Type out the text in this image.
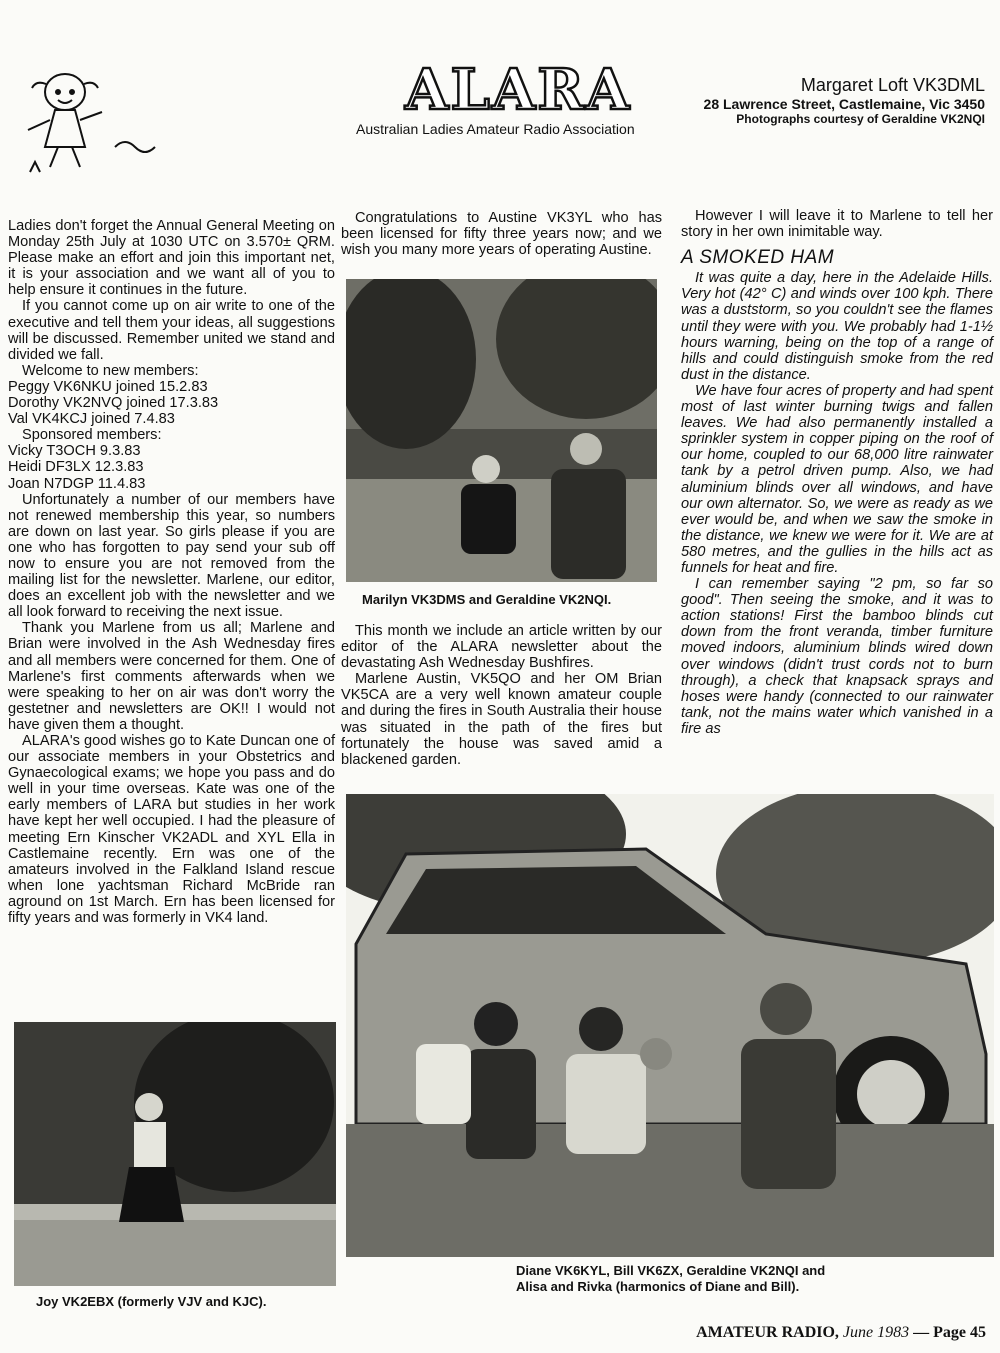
ALARA
Australian Ladies Amateur Radio Association
Margaret Loft VK3DML
28 Lawrence Street, Castlemaine, Vic 3450
Photographs courtesy of Geraldine VK2NQI

Ladies don't forget the Annual General Meeting on Monday 25th July at 1030 UTC on 3.570± QRM. Please make an effort and join this important net, it is your association and we want all of you to help ensure it continues in the future.

If you cannot come up on air write to one of the executive and tell them your ideas, all suggestions will be discussed. Remember united we stand and divided we fall.

Welcome to new members:

Peggy VK6NKU joined 15.2.83

Dorothy VK2NVQ joined 17.3.83

Val VK4KCJ joined 7.4.83

Sponsored members:

Vicky T3OCH 9.3.83

Heidi DF3LX 12.3.83

Joan N7DGP 11.4.83

Unfortunately a number of our members have not renewed membership this year, so numbers are down on last year. So girls please if you are one who has forgotten to pay send your sub off now to ensure you are not removed from the mailing list for the newsletter. Marlene, our editor, does an excellent job with the newsletter and we all look forward to receiving the next issue.

Thank you Marlene from us all; Marlene and Brian were involved in the Ash Wednesday fires and all members were concerned for them. One of Marlene's first comments afterwards when we were speaking to her on air was don't worry the gestetner and newsletters are OK!! I would not have given them a thought.

ALARA's good wishes go to Kate Duncan one of our associate members in your Obstetrics and Gynaecological exams; we hope you pass and do well in your time overseas. Kate was one of the early members of LARA but studies in her work have kept her well occupied. I had the pleasure of meeting Ern Kinscher VK2ADL and XYL Ella in Castlemaine recently. Ern was one of the amateurs involved in the Falkland Island rescue when lone yachtsman Richard McBride ran aground on 1st March. Ern has been licensed for fifty years and was formerly in VK4 land.

Congratulations to Austine VK3YL who has been licensed for fifty three years now; and we wish you many more years of operating Austine.

Marilyn VK3DMS and Geraldine VK2NQI.

This month we include an article written by our editor of the ALARA newsletter about the devastating Ash Wednesday Bushfires.

Marlene Austin, VK5QO and her OM Brian VK5CA are a very well known amateur couple and during the fires in South Australia their house was situated in the path of the fires but fortunately the house was saved amid a blackened garden.

However I will leave it to Marlene to tell her story in her own inimitable way.

A SMOKED HAM

It was quite a day, here in the Adelaide Hills. Very hot (42° C) and winds over 100 kph. There was a duststorm, so you couldn't see the flames until they were with you. We probably had 1-1½ hours warning, being on the top of a range of hills and could distinguish smoke from the red dust in the distance.

We have four acres of property and had spent most of last winter burning twigs and fallen leaves. We had also permanently installed a sprinkler system in copper piping on the roof of our home, coupled to our 68,000 litre rainwater tank by a petrol driven pump. Also, we had aluminium blinds over all windows, and have our own alternator. So, we were as ready as we ever would be, and when we saw the smoke in the distance, we knew we were for it. We are at 580 metres, and the gullies in the hills act as funnels for heat and fire.

I can remember saying "2 pm, so far so good". Then seeing the smoke, and it was to action stations! First the bamboo blinds cut down from the front veranda, timber furniture moved indoors, aluminium blinds wired down over windows (didn't trust cords not to burn through), a check that knapsack sprays and hoses were handy (connected to our rainwater tank, not the mains water which vanished in a fire as

Joy VK2EBX (formerly VJV and KJC).
Diane VK6KYL, Bill VK6ZX, Geraldine VK2NQI and Alisa and Rivka (harmonics of Diane and Bill).
AMATEUR RADIO, June 1983 — Page 45
